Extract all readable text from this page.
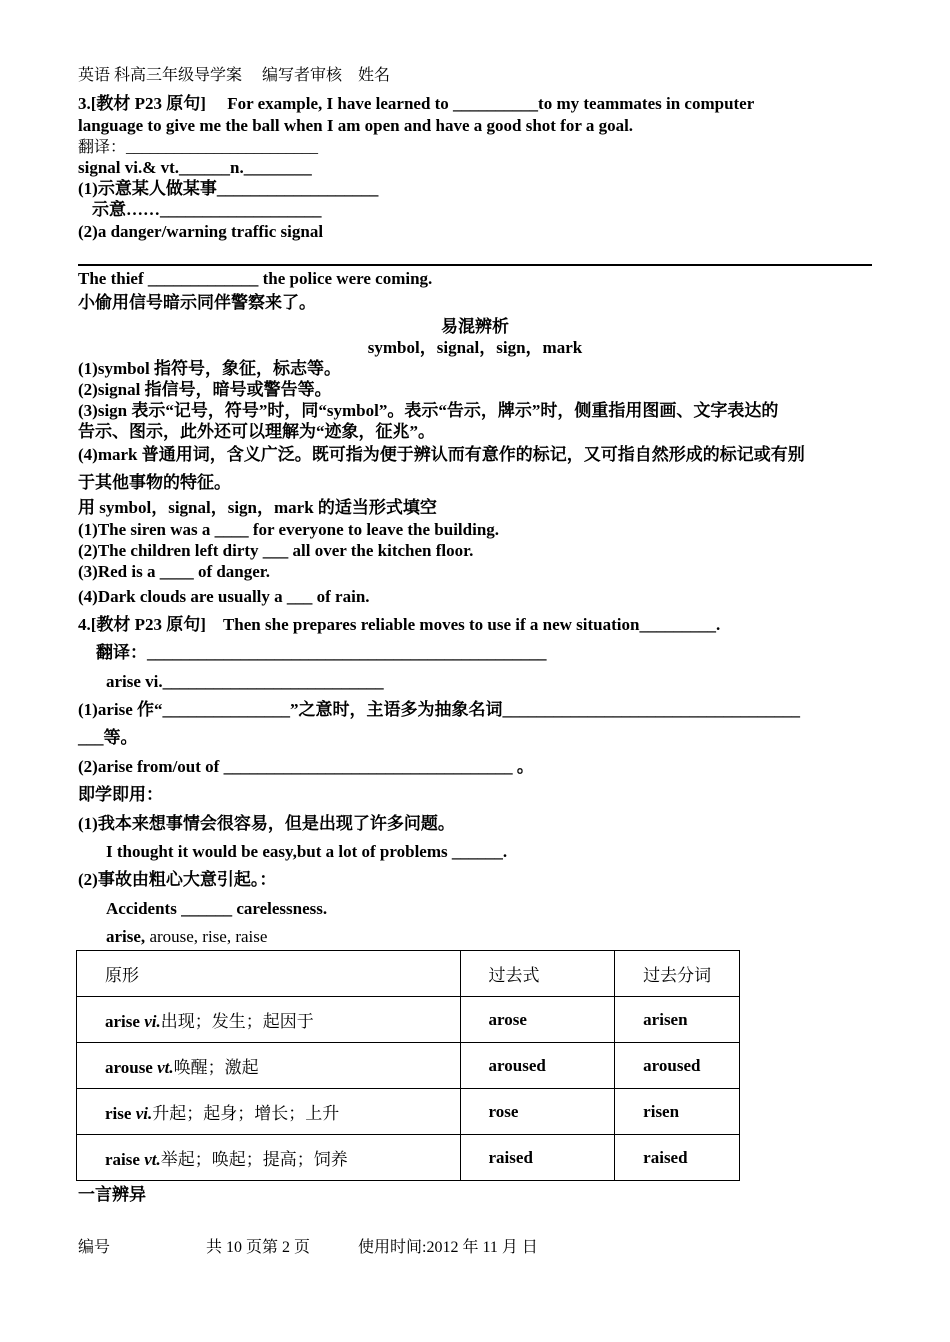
英语 科高三年级导学案　 编写者审核　姓名
3.[教材 P23 原句]　 For example, I have learned to __________to my teammates in computer
language to give me the ball when I am open and have a good shot for a goal.
翻译：________________________
signal vi.& vt.______n.________
(1)示意某人做某事___________________
示意……___________________
(2)a danger/warning traffic signal
The thief _____________ the police were coming.
小偷用信号暗示同伴警察来了。
易混辨析
symbol，signal，sign，mark
(1)symbol 指符号，象征，标志等。
(2)signal 指信号，暗号或警告等。
(3)sign 表示“记号，符号”时，同“symbol”。表示“告示，牌示”时，侧重指用图画、文字表达的
告示、图示，此外还可以理解为“迹象，征兆”。
(4)mark 普通用词，含义广泛。既可指为便于辨认而有意作的标记，又可指自然形成的标记或有别
于其他事物的特征。
用 symbol，signal，sign，mark 的适当形式填空
(1)The siren was a ____ for everyone to leave the building.
(2)The children left dirty ___ all over the kitchen floor.
(3)Red is a ____ of danger.
(4)Dark clouds are usually a ___ of rain.
4.[教材 P23 原句]　Then she prepares reliable moves to use if a new situation_________.
翻译：_______________________________________________
arise vi.__________________________
(1)arise 作“_______________”之意时，主语多为抽象名词___________________________________
___等。
(2)arise from/out of __________________________________ 。
即学即用：
(1)我本来想事情会很容易，但是出现了许多问题。
I thought it would be easy,but a lot of problems ______.
(2)事故由粗心大意引起。：
Accidents ______ carelessness.
arise, arouse, rise, raise
原形	过去式	过去分词
arise vi.出现；发生；起因于	arose	arisen
arouse vt.唤醒；激起	aroused	aroused
rise vi.升起；起身；增长；上升	rose	risen
raise vt.举起；唤起；提高；饲养	raised	raised
一言辨异
编号　　　　　　共 10 页第 2 页　　　使用时间:2012 年 11 月 日
